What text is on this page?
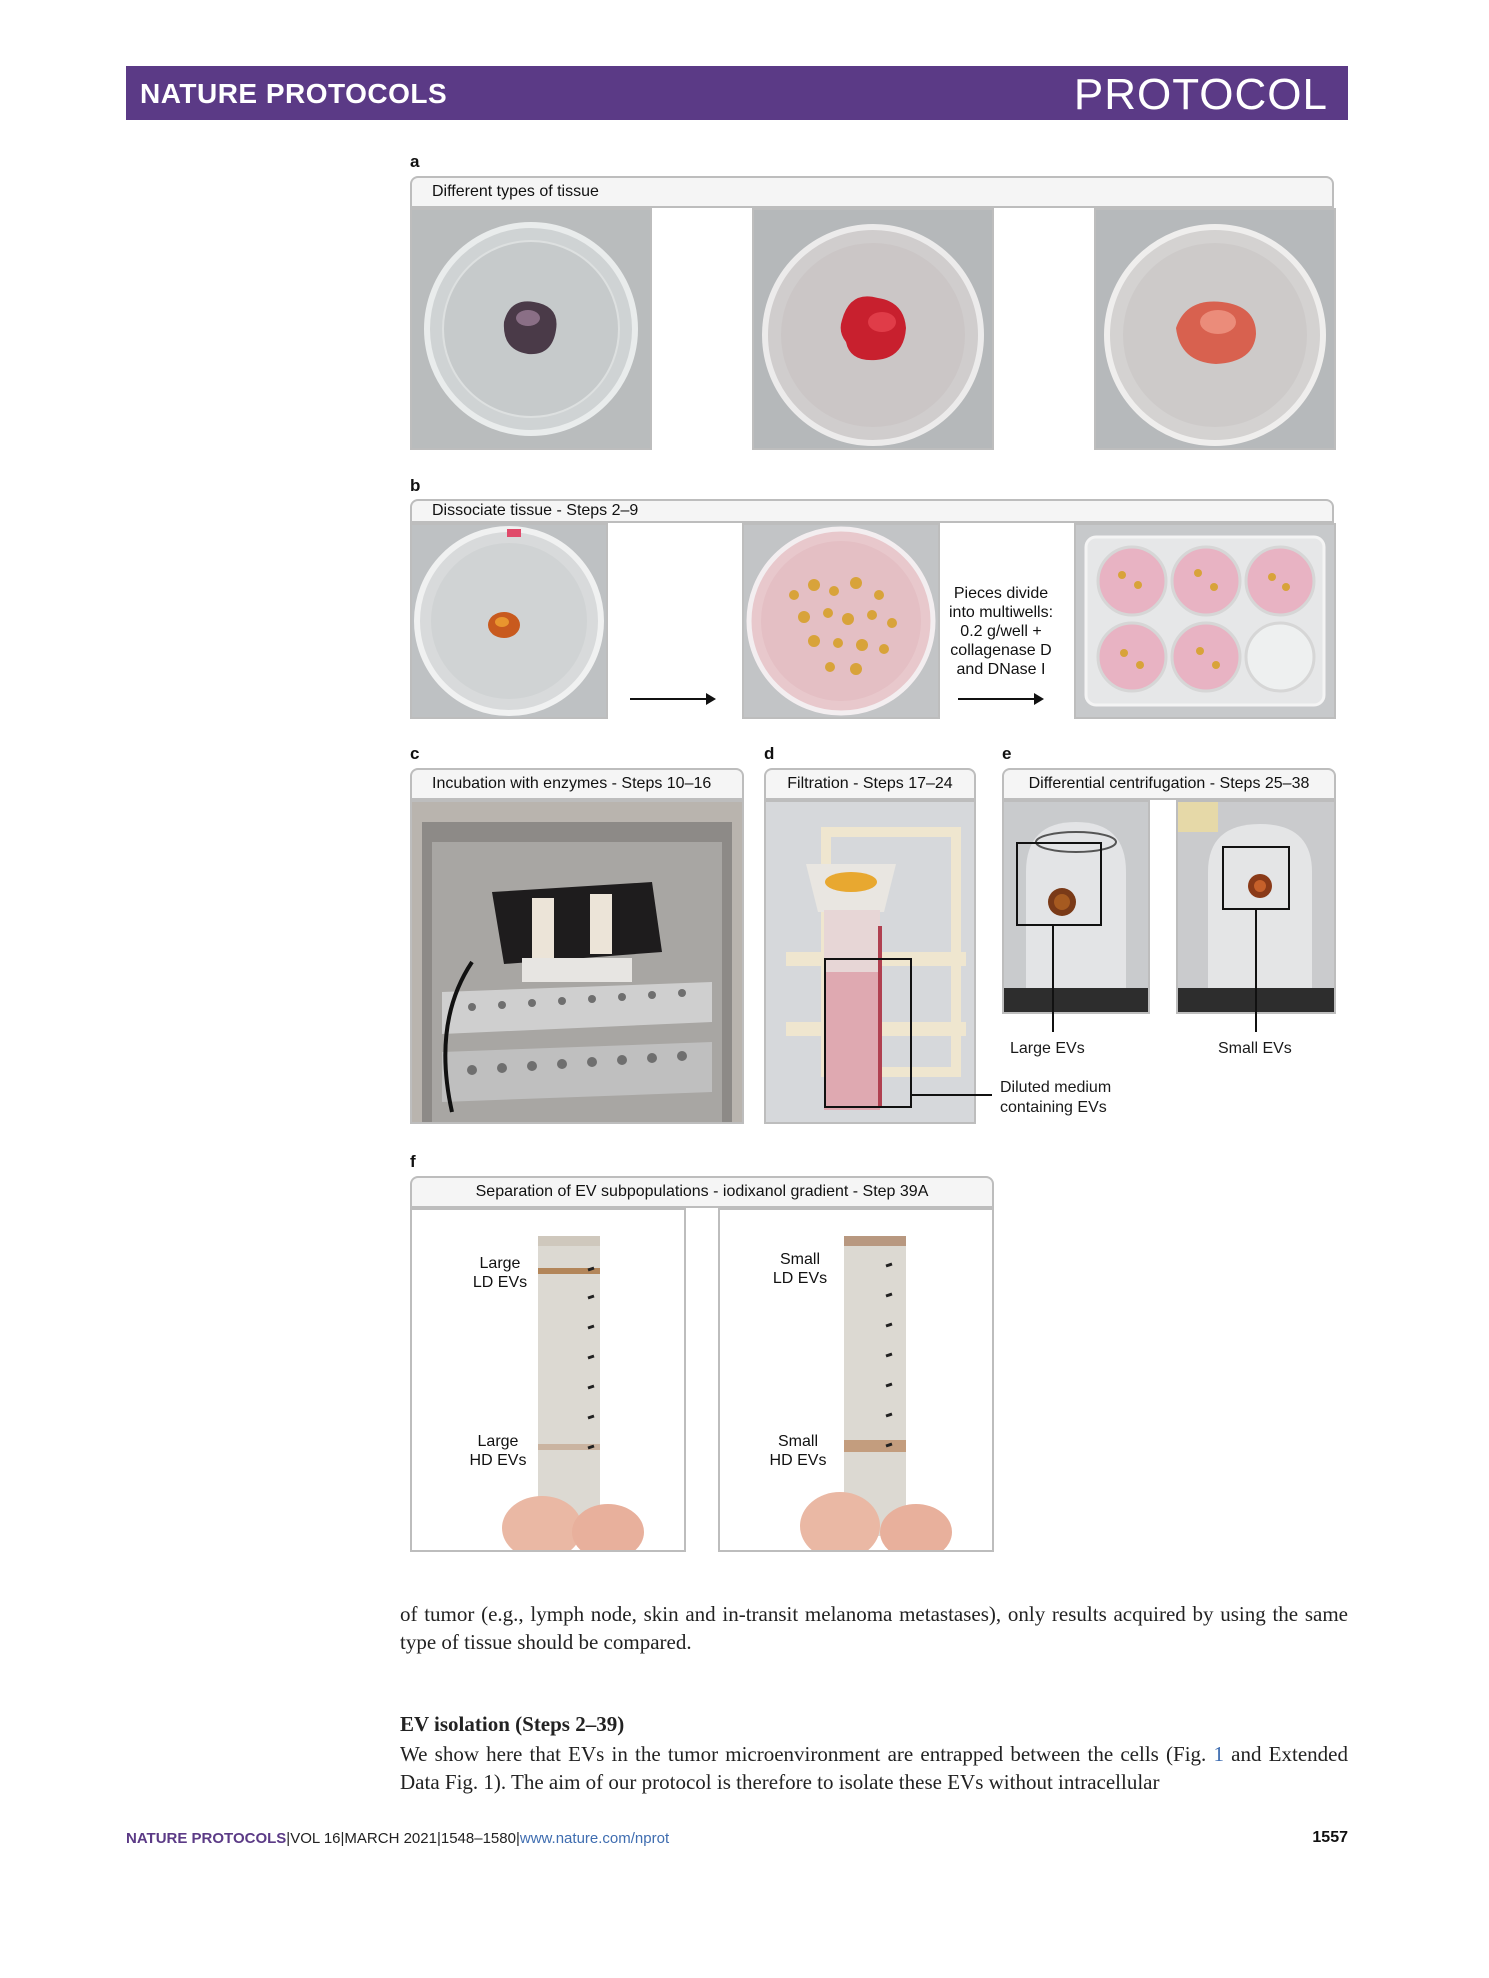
NATURE PROTOCOLS	PROTOCOL
a
Different types of tissue
b
Dissociate tissue - Steps 2–9
Pieces divide
into multiwells:
0.2 g/well +
collagenase D
and DNase I
c
Incubation with enzymes - Steps 10–16
d
Filtration - Steps 17–24
Diluted medium
containing EVs
e
Differential centrifugation - Steps 25–38
Large EVs	Small EVs
f
Separation of EV subpopulations - iodixanol gradient - Step 39A
Large
LD EVs
Large
HD EVs
Small
LD EVs
Small
HD EVs
of tumor (e.g., lymph node, skin and in-transit melanoma metastases), only results acquired by using the same type of tissue should be compared.
EV isolation (Steps 2–39)
We show here that EVs in the tumor microenvironment are entrapped between the cells (Fig. 1 and Extended Data Fig. 1). The aim of our protocol is therefore to isolate these EVs without intracellular
NATURE PROTOCOLS|VOL 16|MARCH 2021|1548–1580|www.nature.com/nprot	1557
